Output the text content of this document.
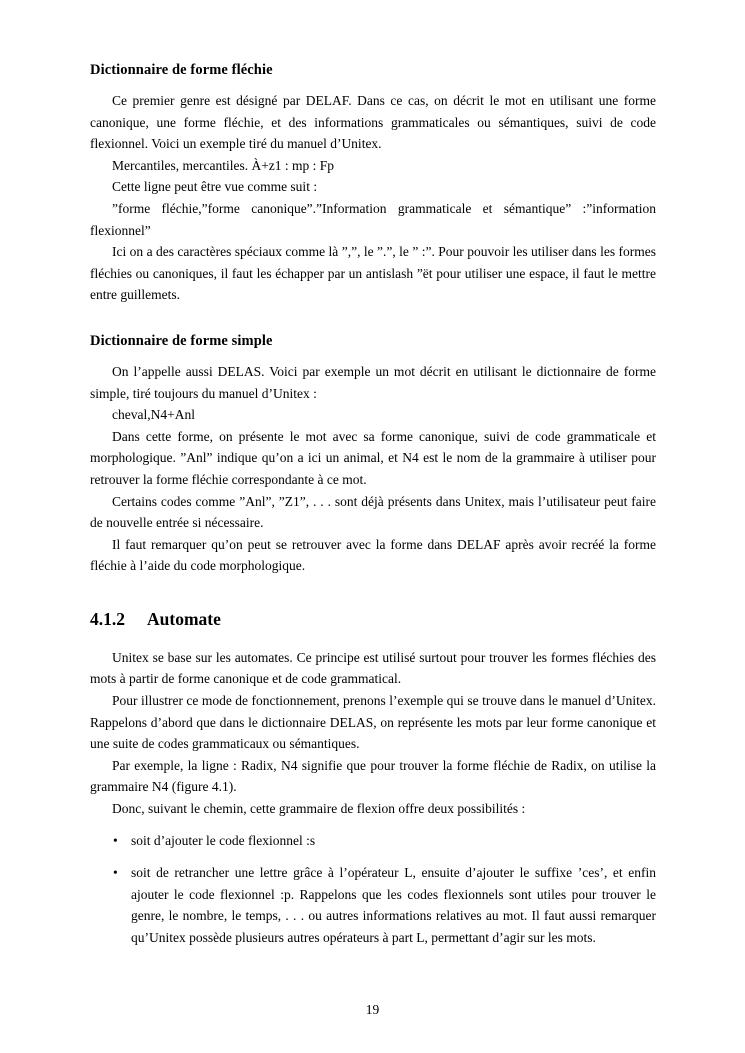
Dictionnaire de forme fléchie

Ce premier genre est désigné par DELAF. Dans ce cas, on décrit le mot en utilisant une forme canonique, une forme fléchie, et des informations grammaticales ou sémantiques, suivi de code flexionnel. Voici un exemple tiré du manuel d’Unitex.

Mercantiles, mercantiles. À+z1 : mp : Fp

Cette ligne peut être vue comme suit :

”forme fléchie,”forme canonique”.”Information grammaticale et sémantique” :”information flexionnel”

Ici on a des caractères spéciaux comme là ”,”, le ”.”, le ” :”. Pour pouvoir les utiliser dans les formes fléchies ou canoniques, il faut les échapper par un antislash ”ët pour utiliser une espace, il faut le mettre entre guillemets.

Dictionnaire de forme simple

On l’appelle aussi DELAS. Voici par exemple un mot décrit en utilisant le dictionnaire de forme simple, tiré toujours du manuel d’Unitex :

cheval,N4+Anl

Dans cette forme, on présente le mot avec sa forme canonique, suivi de code grammaticale et morphologique. ”Anl” indique qu’on a ici un animal, et N4 est le nom de la grammaire à utiliser pour retrouver la forme fléchie correspondante à ce mot.

Certains codes comme ”Anl”, ”Z1”, . . . sont déjà présents dans Unitex, mais l’utilisateur peut faire de nouvelle entrée si nécessaire.

Il faut remarquer qu’on peut se retrouver avec la forme dans DELAF après avoir recréé la forme fléchie à l’aide du code morphologique.

4.1.2 Automate

Unitex se base sur les automates. Ce principe est utilisé surtout pour trouver les formes fléchies des mots à partir de forme canonique et de code grammatical.

Pour illustrer ce mode de fonctionnement, prenons l’exemple qui se trouve dans le manuel d’Unitex. Rappelons d’abord que dans le dictionnaire DELAS, on représente les mots par leur forme canonique et une suite de codes grammaticaux ou sémantiques.

Par exemple, la ligne : Radix, N4 signifie que pour trouver la forme fléchie de Radix, on utilise la grammaire N4 (figure 4.1).

Donc, suivant le chemin, cette grammaire de flexion offre deux possibilités :

• soit d’ajouter le code flexionnel :s
• soit de retrancher une lettre grâce à l’opérateur L, ensuite d’ajouter le suffixe ’ces’, et enfin ajouter le code flexionnel :p. Rappelons que les codes flexionnels sont utiles pour trouver le genre, le nombre, le temps, . . . ou autres informations relatives au mot. Il faut aussi remarquer qu’Unitex possède plusieurs autres opérateurs à part L, permettant d’agir sur les mots.
19
